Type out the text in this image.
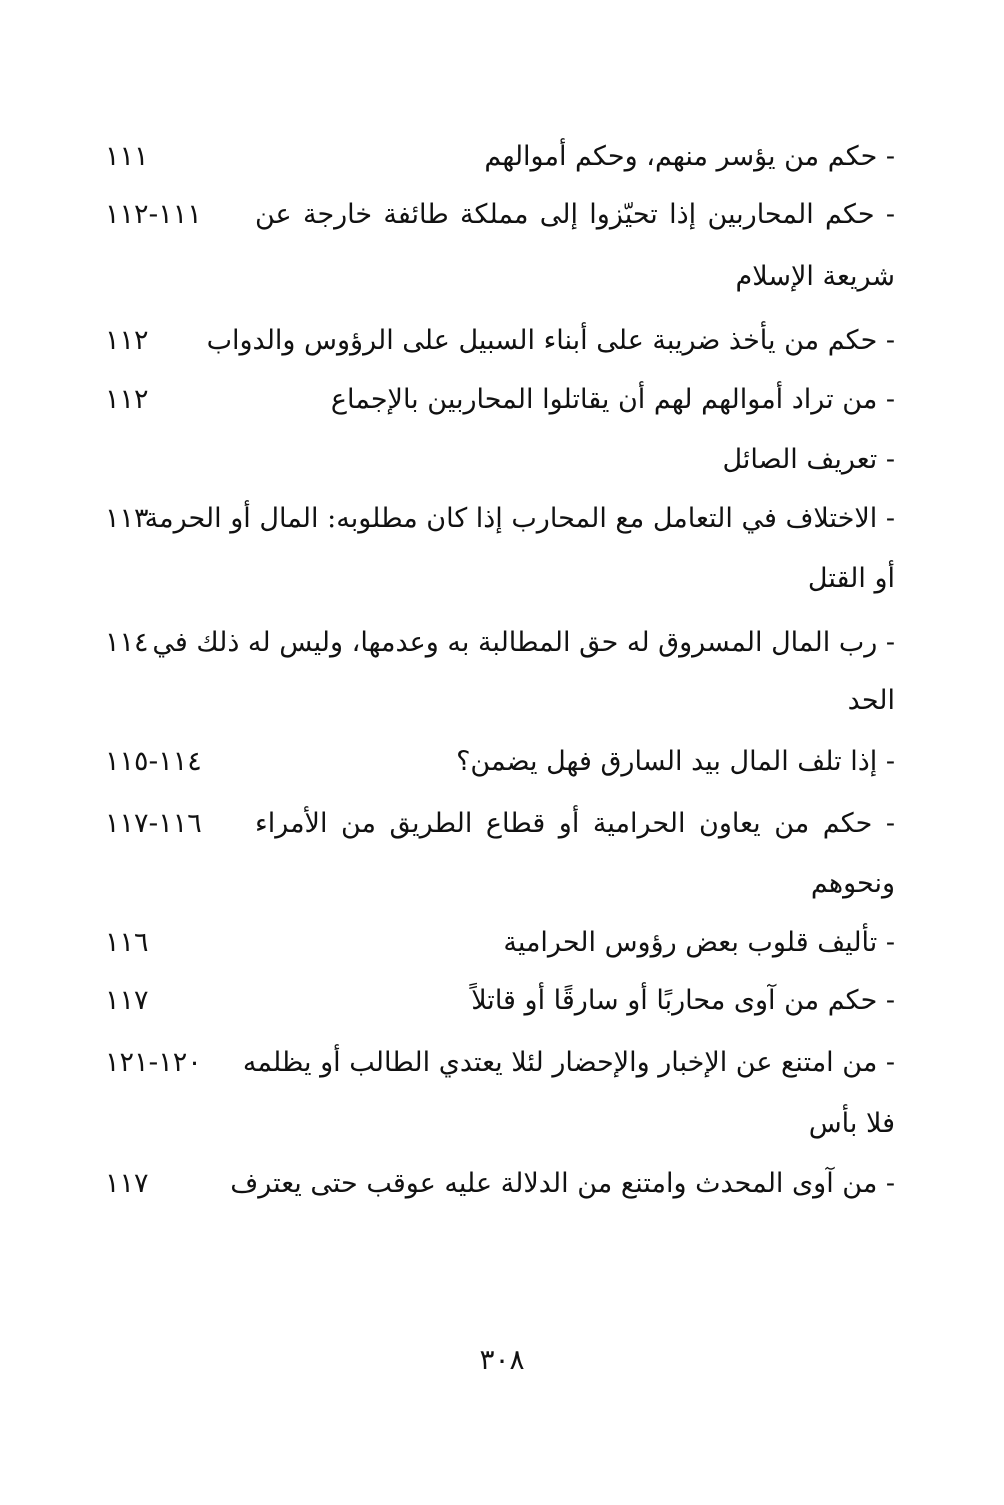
- حكم من يؤسر منهم، وحكم أموالهم
١١١
- حكم المحاربين إذا تحيّزوا إلى مملكة طائفة خارجة عن
١١١-١١٢
شريعة الإسلام
- حكم من يأخذ ضريبة على أبناء السبيل على الرؤوس والدواب
١١٢
- من تراد أموالهم لهم أن يقاتلوا المحاربين بالإجماع
١١٢
- تعريف الصائل
- الاختلاف في التعامل مع المحارب إذا كان مطلوبه: المال أو الحرمة
١١٣
أو القتل
- رب المال المسروق له حق المطالبة به وعدمها، وليس له ذلك في
١١٤
الحد
- إذا تلف المال بيد السارق فهل يضمن؟
١١٤-١١٥
- حكم من يعاون الحرامية أو قطاع الطريق من الأمراء
١١٦-١١٧
ونحوهم
- تأليف قلوب بعض رؤوس الحرامية
١١٦
- حكم من آوى محاربًا أو سارقًا أو قاتلاً
١١٧
- من امتنع عن الإخبار والإحضار لئلا يعتدي الطالب أو يظلمه
١٢٠-١٢١
فلا بأس
- من آوى المحدث وامتنع من الدلالة عليه عوقب حتى يعترف
١١٧
٣٠٨
